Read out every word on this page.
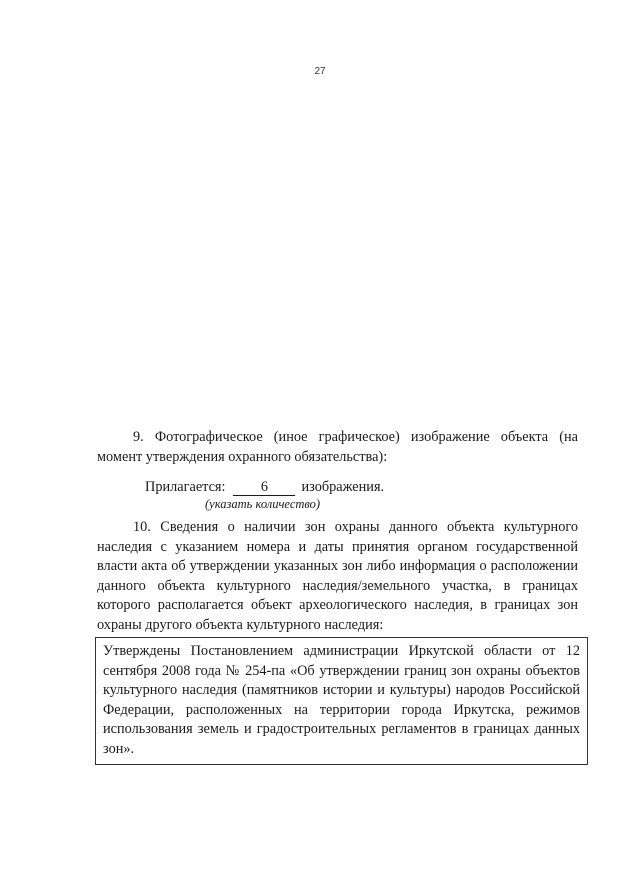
27
9. Фотографическое (иное графическое) изображение объекта (на момент утверждения охранного обязательства):
Прилагается: 6 изображения.
(указать количество)
10. Сведения о наличии зон охраны данного объекта культурного наследия с указанием номера и даты принятия органом государственной власти акта об утверждении указанных зон либо информация о расположении данного объекта культурного наследия/земельного участка, в границах которого располагается объект археологического наследия, в границах зон охраны другого объекта культурного наследия:
Утверждены Постановлением администрации Иркутской области от 12 сентября 2008 года № 254-па «Об утверждении границ зон охраны объектов культурного наследия (памятников истории и культуры) народов Российской Федерации, расположенных на территории города Иркутска, режимов использования земель и градостроительных регламентов в границах данных зон».
